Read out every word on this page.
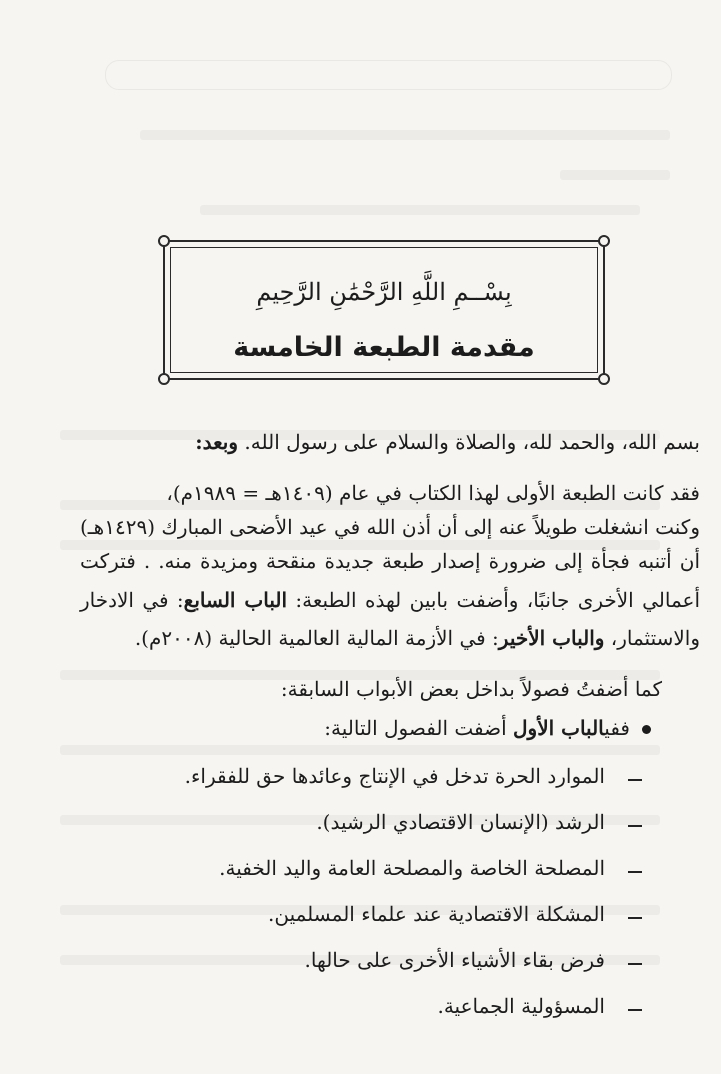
بِسْــمِ اللَّهِ الرَّحْمَٰنِ الرَّحِيمِ
مقدمة الطبعة الخامسة
بسم الله، والحمد لله، والصلاة والسلام على رسول الله. وبعد:
فقد كانت الطبعة الأولى لهذا الكتاب في عام (١٤٠٩هـ = ١٩٨٩م)،
وكنت انشغلت طويلاً عنه إلى أن أذن الله في عيد الأضحى المبارك (١٤٢٩هـ)
أن أتنبه فجأة إلى ضرورة إصدار طبعة جديدة منقحة ومزيدة منه. . فتركت
أعمالي الأخرى جانبًا، وأضفت بابين لهذه الطبعة: الباب السابع: في الادخار
والاستثمار، والباب الأخير: في الأزمة المالية العالمية الحالية (٢٠٠٨م).
كما أضفتُ فصولاً بداخل بعض الأبواب السابقة:
ففيالباب الأول أضفت الفصول التالية:
الموارد الحرة تدخل في الإنتاج وعائدها حق للفقراء.
الرشد (الإنسان الاقتصادي الرشيد).
المصلحة الخاصة والمصلحة العامة واليد الخفية.
المشكلة الاقتصادية عند علماء المسلمين.
فرض بقاء الأشياء الأخرى على حالها.
المسؤولية الجماعية.
